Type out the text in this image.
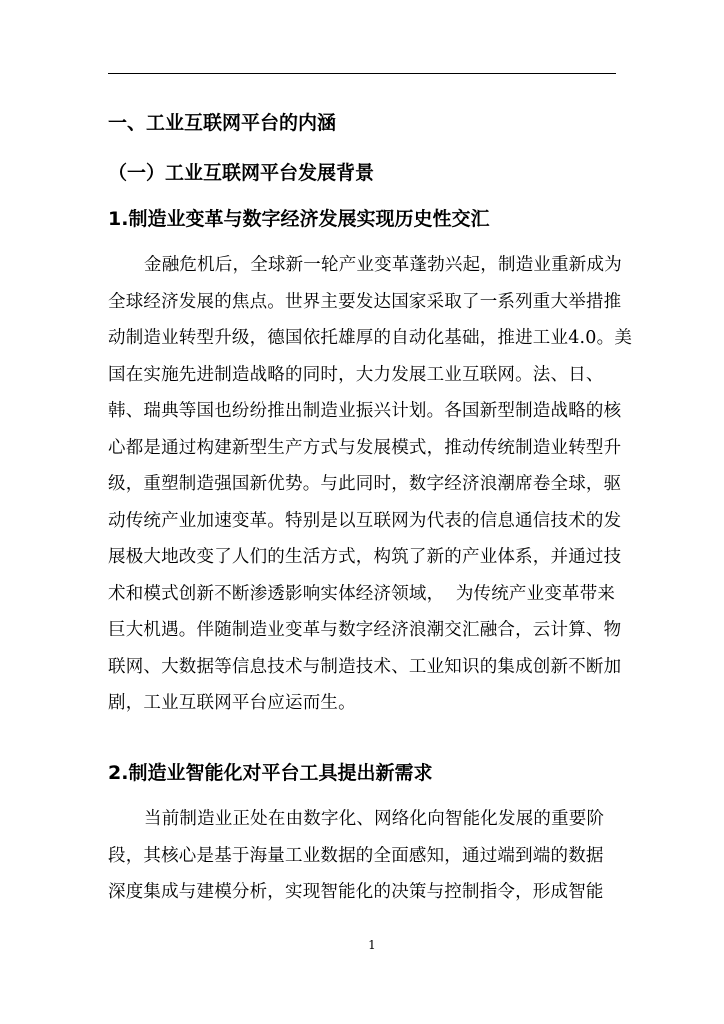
一、工业互联网平台的内涵
（一）工业互联网平台发展背景
1.制造业变革与数字经济发展实现历史性交汇
金融危机后，全球新一轮产业变革蓬勃兴起，制造业重新成为
全球经济发展的焦点。世界主要发达国家采取了一系列重大举措推
动制造业转型升级，德国依托雄厚的自动化基础，推进工业4.0。美
国在实施先进制造战略的同时，大力发展工业互联网。法、日、
韩、瑞典等国也纷纷推出制造业振兴计划。各国新型制造战略的核
心都是通过构建新型生产方式与发展模式，推动传统制造业转型升
级，重塑制造强国新优势。与此同时，数字经济浪潮席卷全球，驱
动传统产业加速变革。特别是以互联网为代表的信息通信技术的发
展极大地改变了人们的生活方式，构筑了新的产业体系，并通过技
术和模式创新不断渗透影响实体经济领域，  为传统产业变革带来
巨大机遇。伴随制造业变革与数字经济浪潮交汇融合，云计算、物
联网、大数据等信息技术与制造技术、工业知识的集成创新不断加
剧，工业互联网平台应运而生。
2.制造业智能化对平台工具提出新需求
当前制造业正处在由数字化、网络化向智能化发展的重要阶
段，其核心是基于海量工业数据的全面感知，通过端到端的数据
深度集成与建模分析，实现智能化的决策与控制指令，形成智能
1
